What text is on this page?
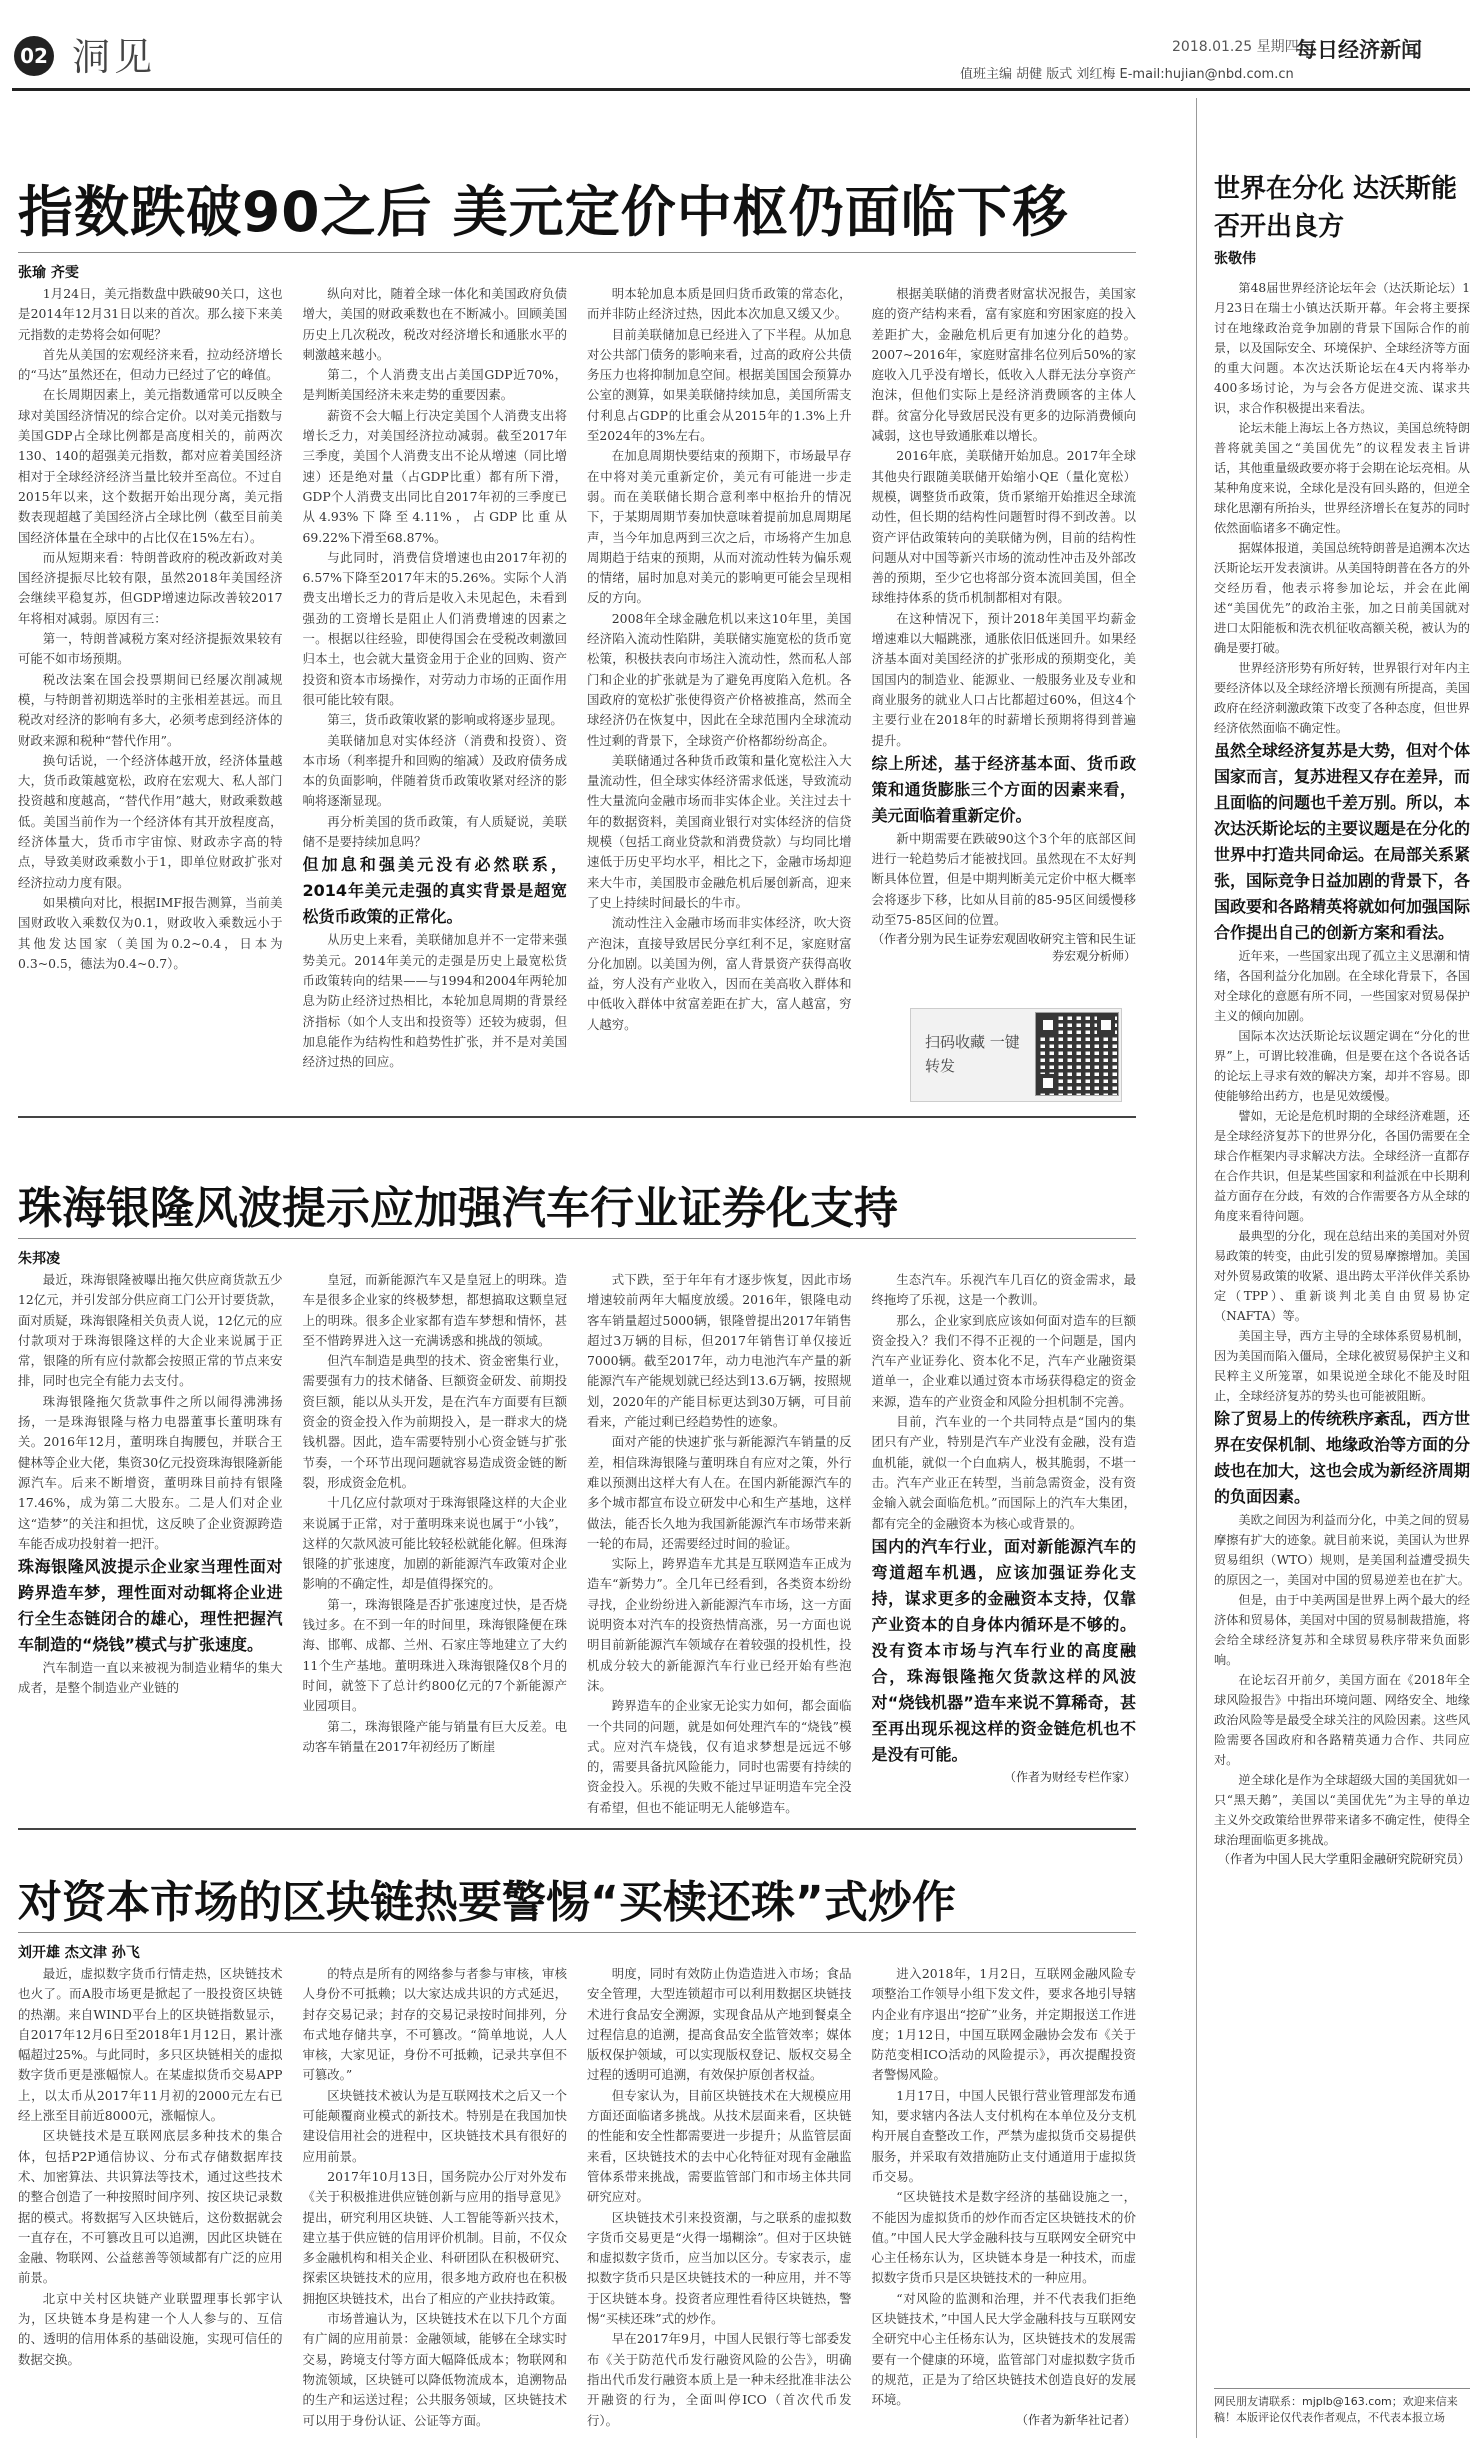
02 洞见	2018.01.25 星期四
每日经济新闻
值班主编 胡健 版式 刘红梅 E-mail:hujian@nbd.com.cn
指数跌破90之后 美元定价中枢仍面临下移
张瑜 齐雯

1月24日，美元指数盘中跌破90关口，这也是2014年12月31日以来的首次。那么接下来美元指数的走势将会如何呢？

首先从美国的宏观经济来看，拉动经济增长的“马达”虽然还在，但动力已经过了它的峰值。

在长周期因素上，美元指数通常可以反映全球对美国经济情况的综合定价。以对美元指数与美国GDP占全球比例都是高度相关的，前两次130、140的超强美元指数，都对应着美国经济相对于全球经济经济当量比较并至高位。不过自2015年以来，这个数据开始出现分离，美元指数表现超越了美国经济占全球比例（截至目前美国经济体量在全球中的占比仅在15%左右）。

而从短期来看：特朗普政府的税改新政对美国经济提振尽比较有限，虽然2018年美国经济会继续平稳复苏，但GDP增速边际改善较2017年将相对减弱。原因有三：

第一，特朗普减税方案对经济提振效果较有可能不如市场预期。

税改法案在国会投票期间已经屡次削减规模，与特朗普初期选举时的主张相差甚远。而且税改对经济的影响有多大，必须考虑到经济体的财政来源和税种“替代作用”。

换句话说，一个经济体越开放，经济体量越大，货币政策越宽松，政府在宏观大、私人部门投资越和度越高，“替代作用”越大，财政乘数越低。美国当前作为一个经济体有其开放程度高，经济体量大，货币市宇宙惊、财政赤字高的特点，导致美财政乘数小于1，即单位财政扩张对经济拉动力度有限。

如果横向对比，根据IMF报告测算，当前美国财政收入乘数仅为0.1，财政收入乘数远小于其他发达国家（美国为0.2~0.4，日本为0.3~0.5，德法为0.4~0.7）。

纵向对比，随着全球一体化和美国政府负债增大，美国的财政乘数也在不断减小。回顾美国历史上几次税改，税改对经济增长和通胀水平的刺激越来越小。

第二，个人消费支出占美国GDP近70%，是判断美国经济未来走势的重要因素。

薪资不会大幅上行决定美国个人消费支出将增长乏力，对美国经济拉动减弱。截至2017年三季度，美国个人消费支出不论从增速（同比增速）还是绝对量（占GDP比重）都有所下滑，GDP个人消费支出同比自2017年初的三季度已从4.93%下降至4.11%，占GDP比重从69.22%下滑至68.87%。

与此同时，消费信贷增速也由2017年初的6.57%下降至2017年末的5.26%。实际个人消费支出增长乏力的背后是收入未见起色，未看到强劲的工资增长是阻止人们消费增速的因素之一。根据以往经验，即使得国会在受税改刺激回归本土，也会就大量资金用于企业的回购、资产投资和资本市场操作，对劳动力市场的正面作用很可能比较有限。

第三，货币政策收紧的影响或将逐步显现。

美联储加息对实体经济（消费和投资）、资本市场（利率提升和回购的缩减）及政府债务成本的负面影响，伴随着货币政策收紧对经济的影响将逐渐显现。

再分析美国的货币政策，有人质疑说，美联储不是要持续加息吗？

但加息和强美元没有必然联系，2014年美元走强的真实背景是超宽松货币政策的正常化。

从历史上来看，美联储加息并不一定带来强势美元。2014年美元的走强是历史上最宽松货币政策转向的结果——与1994和2004年两轮加息为防止经济过热相比，本轮加息周期的背景经济指标（如个人支出和投资等）还较为疲弱，但加息能作为结构性和趋势性扩张，并不是对美国经济过热的回应。

明本轮加息本质是回归货币政策的常态化，而并非防止经济过热，因此本次加息又缓又少。

目前美联储加息已经进入了下半程。从加息对公共部门债务的影响来看，过高的政府公共债务压力也将抑制加息空间。根据美国国会预算办公室的测算，如果美联储持续加息，美国所需支付利息占GDP的比重会从2015年的1.3%上升至2024年的3%左右。

在加息周期快要结束的预期下，市场最早存在中将对美元重新定价，美元有可能进一步走弱。而在美联储长期合意利率中枢抬升的情况下，于某期周期节奏加快意味着提前加息周期尾声，当今年加息两到三次之后，市场将产生加息周期趋于结束的预期，从而对流动性转为偏乐观的情绪，届时加息对美元的影响更可能会呈现相反的方向。

2008年全球金融危机以来这10年里，美国经济陷入流动性陷阱，美联储实施宽松的货币宽松策，积极扶表向市场注入流动性，然而私人部门和企业的扩张就是为了避免再度陷入危机。各国政府的宽松扩张使得资产价格被推高，然而全球经济仍在恢复中，因此在全球范围内全球流动性过剩的背景下，全球资产价格都纷纷高企。

美联储通过各种货币政策和量化宽松注入大量流动性，但全球实体经济需求低迷，导致流动性大量流向金融市场而非实体企业。关注过去十年的数据资料，美国商业银行对实体经济的信贷规模（包括工商业贷款和消费贷款）与均同比增速低于历史平均水平，相比之下，金融市场却迎来大牛市，美国股市金融危机后屡创新高，迎来了史上持续时间最长的牛市。

流动性注入金融市场而非实体经济，吹大资产泡沫，直接导致居民分享红利不足，家庭财富分化加剧。以美国为例，富人背景资产获得高收益，穷人没有产业收入，因而在美高收入群体和中低收入群体中贫富差距在扩大，富人越富，穷人越穷。

根据美联储的消费者财富状况报告，美国家庭的资产结构来看，富有家庭和穷困家庭的投入差距扩大，金融危机后更有加速分化的趋势。2007~2016年，家庭财富排名位列后50%的家庭收入几乎没有增长，低收入人群无法分享资产泡沫，但他们实际上是经济消费顾客的主体人群。贫富分化导致居民没有更多的边际消费倾向减弱，这也导致通胀难以增长。

2016年底，美联储开始加息。2017年全球其他央行跟随美联储开始缩小QE（量化宽松）规模，调整货币政策，货币紧缩开始推迟全球流动性，但长期的结构性问题暂时得不到改善。以资产评估政策转向的美联储为例，目前的结构性问题从对中国等新兴市场的流动性冲击及外部改善的预期，至少它也将部分资本流回美国，但全球维持体系的货币机制都相对有限。

在这种情况下，预计2018年美国平均薪金增速难以大幅跳涨，通胀依旧低迷回升。如果经济基本面对美国经济的扩张形成的预期变化，美国国内的制造业、能源业、一般服务业及专业和商业服务的就业人口占比都超过60%，但这4个主要行业在2018年的时薪增长预期将得到普遍提升。

综上所述，基于经济基本面、货币政策和通货膨胀三个方面的因素来看，美元面临着重新定价。

新中期需要在跌破90这个3个年的底部区间进行一轮趋势后才能被找回。虽然现在不太好判断具体位置，但是中期判断美元定价中枢大概率会将逐步下移，比如从目前的85-95区间缓慢移动至75-85区间的位置。

（作者分别为民生证券宏观固收研究主管和民生证券宏观分析师）

扫码收藏 一键转发
世界在分化 达沃斯能否开出良方
张敬伟

第48届世界经济论坛年会（达沃斯论坛）1月23日在瑞士小镇达沃斯开幕。年会将主要探讨在地缘政治竞争加剧的背景下国际合作的前景，以及国际安全、环境保护、全球经济等方面的重大问题。本次达沃斯论坛在4天内将举办400多场讨论，为与会各方促进交流、谋求共识，求合作积极提出来看法。

论坛未能上海坛上各方热议，美国总统特朗普将就美国之“美国优先”的议程发表主旨讲话，其他重量级政要亦将于会期在论坛亮相。从某种角度来说，全球化是没有回头路的，但逆全球化思潮有所抬头，世界经济增长在复苏的同时依然面临诸多不确定性。

据媒体报道，美国总统特朗普是追溯本次达沃斯论坛开发表演讲。从美国特朗普在各方的外交经历看，他表示将参加论坛，并会在此阐述“美国优先”的政治主张，加之日前美国就对进口太阳能板和洗衣机征收高额关税，被认为的确是要打破。

世界经济形势有所好转，世界银行对年内主要经济体以及全球经济增长预测有所提高，美国政府在经济刺激政策下改变了各种态度，但世界经济依然面临不确定性。

虽然全球经济复苏是大势，但对个体国家而言，复苏进程又存在差异，而且面临的问题也千差万别。所以，本次达沃斯论坛的主要议题是在分化的世界中打造共同命运。在局部关系紧张，国际竞争日益加剧的背景下，各国政要和各路精英将就如何加强国际合作提出自己的创新方案和看法。

近年来，一些国家出现了孤立主义思潮和情绪，各国利益分化加剧。在全球化背景下，各国对全球化的意愿有所不同，一些国家对贸易保护主义的倾向加剧。

国际本次达沃斯论坛议题定调在“分化的世界”上，可谓比较准确，但是要在这个各说各话的论坛上寻求有效的解决方案，却并不容易。即使能够给出药方，也是见效缓慢。

譬如，无论是危机时期的全球经济难题，还是全球经济复苏下的世界分化，各国仍需要在全球合作框架内寻求解决方法。全球经济一直都存在合作共识，但是某些国家和利益派在中长期利益方面存在分歧，有效的合作需要各方从全球的角度来看待问题。

最典型的分化，现在总结出来的美国对外贸易政策的转变，由此引发的贸易摩擦增加。美国对外贸易政策的收紧、退出跨太平洋伙伴关系协定（TPP）、重新谈判北美自由贸易协定（NAFTA）等。

美国主导，西方主导的全球体系贸易机制，因为美国而陷入僵局，全球化被贸易保护主义和民粹主义所笼罩，如果说逆全球化不能及时阻止，全球经济复苏的势头也可能被阻断。

除了贸易上的传统秩序紊乱，西方世界在安保机制、地缘政治等方面的分歧也在加大，这也会成为新经济周期的负面因素。

美欧之间因为利益而分化，中美之间的贸易摩擦有扩大的迹象。就目前来说，美国认为世界贸易组织（WTO）规则，是美国利益遭受损失的原因之一，美国对中国的贸易逆差也在扩大。

但是，由于中美两国是世界上两个最大的经济体和贸易体，美国对中国的贸易制裁措施，将会给全球经济复苏和全球贸易秩序带来负面影响。

在论坛召开前夕，美国方面在《2018年全球风险报告》中指出环境问题、网络安全、地缘政治风险等是最受全球关注的风险因素。这些风险需要各国政府和各路精英通力合作、共同应对。

逆全球化是作为全球超级大国的美国犹如一只“黑天鹅”，美国以“美国优先”为主导的单边主义外交政策给世界带来诸多不确定性，使得全球治理面临更多挑战。

（作者为中国人民大学重阳金融研究院研究员）

珠海银隆风波提示应加强汽车行业证券化支持
朱邦凌

最近，珠海银隆被曝出拖欠供应商货款五少12亿元，并引发部分供应商工门公开讨要货款，面对质疑，珠海银隆相关负责人说，12亿元的应付款项对于珠海银隆这样的大企业来说属于正常，银隆的所有应付款都会按照正常的节点来安排，同时也完全有能力去支付。

珠海银隆拖欠货款事件之所以闹得沸沸扬扬，一是珠海银隆与格力电器董事长董明珠有关。2016年12月，董明珠自掏腰包，并联合王健林等企业大佬，集资30亿元投资珠海银隆新能源汽车。后来不断增资，董明珠目前持有银隆17.46%，成为第二大股东。二是人们对企业这“造梦”的关注和担忧，这反映了企业资源跨造车能否成功投射着一把汗。

珠海银隆风波提示企业家当理性面对跨界造车梦，理性面对动辄将企业进行全生态链闭合的雄心，理性把握汽车制造的“烧钱”模式与扩张速度。

汽车制造一直以来被视为制造业精华的集大成者，是整个制造业产业链的

皇冠，而新能源汽车又是皇冠上的明珠。造车是很多企业家的终极梦想，都想搞取这颗皇冠上的明珠。很多企业家都有造车梦想和情怀，甚至不惜跨界进入这一充满诱惑和挑战的领域。

但汽车制造是典型的技术、资金密集行业，需要强有力的技术储备、巨额资金研发、前期投资巨额，能以从头开发，是在汽车方面要有巨额资金的资金投入作为前期投入，是一群求大的烧钱机器。因此，造车需要特别小心资金链与扩张节奏，一个环节出现问题就容易造成资金链的断裂，形成资金危机。

十几亿应付款项对于珠海银隆这样的大企业来说属于正常，对于董明珠来说也属于“小钱”，这样的欠款风波可能比较轻松就能化解。但珠海银隆的扩张速度，加剧的新能源汽车政策对企业影响的不确定性，却是值得探究的。

第一，珠海银隆是否扩张速度过快，是否烧钱过多。在不到一年的时间里，珠海银隆便在珠海、邯郸、成都、兰州、石家庄等地建立了大约11个生产基地。董明珠进入珠海银隆仅8个月的时间，就签下了总计约800亿元的7个新能源产业园项目。

第二，珠海银隆产能与销量有巨大反差。电动客车销量在2017年初经历了断崖

式下跌，至于年年有才逐步恢复，因此市场增速较前两年大幅度放缓。2016年，银隆电动客车销量超过5000辆，银隆曾提出2017年销售超过3万辆的目标，但2017年销售订单仅接近7000辆。截至2017年，动力电池汽车产量的新能源汽车产能规划就已经达到13.6万辆，按照规划，2020年的产能目标更达到30万辆，可目前看来，产能过剩已经趋势性的迹象。

面对产能的快速扩张与新能源汽车销量的反差，相信珠海银隆与董明珠自有应对之策，外行难以预测出这样大有人在。在国内新能源汽车的多个城市都宣布设立研发中心和生产基地，这样做法，能否长久地为我国新能源汽车市场带来新一轮的布局，还需要经过时间的验证。

实际上，跨界造车尤其是互联网造车正成为造车“新势力”。全几年已经看到，各类资本纷纷寻找，企业纷纷进入新能源汽车市场，这一方面说明资本对汽车的投资热情高涨，另一方面也说明目前新能源汽车领域存在着较强的投机性，投机成分较大的新能源汽车行业已经开始有些泡沫。

跨界造车的企业家无论实力如何，都会面临一个共同的问题，就是如何处理汽车的“烧钱”模式。应对汽车烧钱，仅有追求梦想是远远不够的，需要具备抗风险能力，同时也需要有持续的资金投入。乐视的失败不能过早证明造车完全没有希望，但也不能证明无人能够造车。

生态汽车。乐视汽车几百亿的资金需求，最终拖垮了乐视，这是一个教训。

那么，企业家到底应该如何面对造车的巨额资金投入？我们不得不正视的一个问题是，国内汽车产业证券化、资本化不足，汽车产业融资渠道单一，企业难以通过资本市场获得稳定的资金来源，造车的产业资金和风险分担机制不完善。

目前，汽车业的一个共同特点是“国内的集团只有产业，特别是汽车产业没有金融，没有造血机能，就似一个白血病人，极其脆弱，不堪一击。汽车产业正在转型，当前急需资金，没有资金输入就会面临危机。”而国际上的汽车大集团，都有完全的金融资本为核心或背景的。

国内的汽车行业，面对新能源汽车的弯道超车机遇，应该加强证券化支持，谋求更多的金融资本支持，仅靠产业资本的自身体内循环是不够的。没有资本市场与汽车行业的高度融合，珠海银隆拖欠货款这样的风波对“烧钱机器”造车来说不算稀奇，甚至再出现乐视这样的资金链危机也不是没有可能。

（作者为财经专栏作家）

对资本市场的区块链热要警惕“买椟还珠”式炒作
刘开雄 杰文津 孙飞

最近，虚拟数字货币行情走热，区块链技术也火了。而A股市场更是掀起了一股投资区块链的热潮。来自WIND平台上的区块链指数显示，自2017年12月6日至2018年1月12日，累计涨幅超过25%。与此同时，多只区块链相关的虚拟数字货币更是涨幅惊人。在某虚拟货币交易APP上，以太币从2017年11月初的2000元左右已经上涨至目前近8000元，涨幅惊人。

区块链技术是互联网底层多种技术的集合体，包括P2P通信协议、分布式存储数据库技术、加密算法、共识算法等技术，通过这些技术的整合创造了一种按照时间序列、按区块记录数据的模式。将数据写入区块链后，这份数据就会一直存在，不可篡改且可以追溯，因此区块链在金融、物联网、公益慈善等领域都有广泛的应用前景。

北京中关村区块链产业联盟理事长郭宇认为，区块链本身是构建一个人人参与的、互信的、透明的信用体系的基础设施，实现可信任的数据交换。

的特点是所有的网络参与者参与审核，审核人身份不可抵赖；以大家达成共识的方式延迟，封存交易记录；封存的交易记录按时间排列，分布式地存储共享，不可篡改。“简单地说，人人审核，大家见证，身份不可抵赖，记录共享但不可篡改。”

区块链技术被认为是互联网技术之后又一个可能颠覆商业模式的新技术。特别是在我国加快建设信用社会的进程中，区块链技术具有很好的应用前景。

2017年10月13日，国务院办公厅对外发布《关于积极推进供应链创新与应用的指导意见》提出，研究利用区块链、人工智能等新兴技术，建立基于供应链的信用评价机制。目前，不仅众多金融机构和相关企业、科研团队在积极研究、探索区块链技术的应用，很多地方政府也在积极拥抱区块链技术，出台了相应的产业扶持政策。

市场普遍认为，区块链技术在以下几个方面有广阔的应用前景：金融领域，能够在全球实时交易，跨境支付等方面大幅降低成本；物联网和物流领域，区块链可以降低物流成本，追溯物品的生产和运送过程；公共服务领域，区块链技术可以用于身份认证、公证等方面。

明度，同时有效防止伪造造进入市场；食品安全管理，大型连锁超市可以利用数据区块链技术进行食品安全溯源，实现食品从产地到餐桌全过程信息的追溯，提高食品安全监管效率；媒体版权保护领域，可以实现版权登记、版权交易全过程的透明可追溯，有效保护原创者权益。

但专家认为，目前区块链技术在大规模应用方面还面临诸多挑战。从技术层面来看，区块链的性能和安全性都需要进一步提升；从监管层面来看，区块链技术的去中心化特征对现有金融监管体系带来挑战，需要监管部门和市场主体共同研究应对。

区块链技术引来投资潮，与之联系的虚拟数字货币交易更是“火得一塌糊涂”。但对于区块链和虚拟数字货币，应当加以区分。专家表示，虚拟数字货币只是区块链技术的一种应用，并不等于区块链本身。投资者应理性看待区块链热，警惕“买椟还珠”式的炒作。

早在2017年9月，中国人民银行等七部委发布《关于防范代币发行融资风险的公告》，明确指出代币发行融资本质上是一种未经批准非法公开融资的行为，全面叫停ICO（首次代币发行）。

进入2018年，1月2日，互联网金融风险专项整治工作领导小组下发文件，要求各地引导辖内企业有序退出“挖矿”业务，并定期报送工作进度；1月12日，中国互联网金融协会发布《关于防范变相ICO活动的风险提示》，再次提醒投资者警惕风险。

1月17日，中国人民银行营业管理部发布通知，要求辖内各法人支付机构在本单位及分支机构开展自查整改工作，严禁为虚拟货币交易提供服务，并采取有效措施防止支付通道用于虚拟货币交易。

“区块链技术是数字经济的基础设施之一，不能因为虚拟货币的炒作而否定区块链技术的价值。”中国人民大学金融科技与互联网安全研究中心主任杨东认为，区块链本身是一种技术，而虚拟数字货币只是区块链技术的一种应用。

“对风险的监测和治理，并不代表我们拒绝区块链技术，”中国人民大学金融科技与互联网安全研究中心主任杨东认为，区块链技术的发展需要有一个健康的环境，监管部门对虚拟数字货币的规范，正是为了给区块链技术创造良好的发展环境。

（作者为新华社记者）

网民朋友请联系：mjplb@163.com；欢迎来信来稿！本版评论仅代表作者观点，不代表本报立场
